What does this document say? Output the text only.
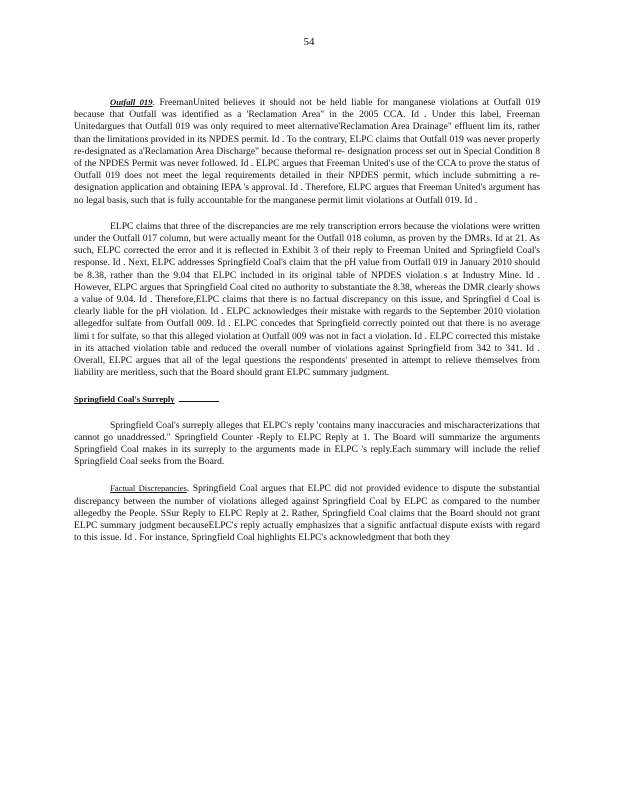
54

Outfall 019. FreemanUnited believes it should not be held liable for manganese violations at Outfall 019 because that Outfall was identified as a 'Reclamation Area" in the 2005 CCA. Id . Under this label, Freeman Unitedargues that Outfall 019 was only required to meet alternative'Reclamation Area Drainage" effluent lim its, rather than the limitations provided in its NPDES permit. Id . To the contrary, ELPC claims that Outfall 019 was never properly re-designated as a'Reclamation Area Discharge" because theformal re- designation process set out in Special Condition 8 of the NPDES Permit was never followed. Id . ELPC argues that Freeman United's use of the CCA to prove the status of Outfall 019 does not meet the legal requirements detailed in their NPDES permit, which include submitting a re-designation application and obtaining IEPA 's approval. Id . Therefore, ELPC argues that Freeman United's argument has no legal basis, such that is fully accountable for the manganese permit limit violations at Outfall 019. Id .

ELPC claims that three of the discrepancies are me rely transcription errors because the violations were written under the Outfall 017 column, but were actually meant for the Outfall 018 column, as proven by the DMRs. Id at 21. As such, ELPC corrected the error and it is reflected in Exhibit 3 of their reply to Freeman United and Springfield Coal's response. Id . Next, ELPC addresses Springfield Coal's claim that the pH value from Outfall 019 in January 2010 should be 8.38, rather than the 9.04 that ELPC included in its original table of NPDES violation s at Industry Mine. Id . However, ELPC argues that Springfield Coal cited no authority to substantiate the 8.38, whereas the DMR clearly shows a value of 9.04. Id . Therefore,ELPC claims that there is no factual discrepancy on this issue, and Springfiel d Coal is clearly liable for the pH violation. Id . ELPC acknowledges their mistake with regards to the September 2010 violation allegedfor sulfate from Outfall 009. Id . ELPC concedes that Springfield correctly pointed out that there is no average limi t for sulfate, so that this alleged violation at Outfall 009 was not in fact a violation. Id . ELPC corrected this mistake in its attached violation table and reduced the overall number of violations against Springfield from 342 to 341. Id . Overall, ELPC argues that all of the legal questions the respondents' presented in attempt to relieve themselves from liability are meritless, such that the Board should grant ELPC summary judgment.

Springfield Coal's Surreply

Springfield Coal's surreply alleges that ELPC's reply 'contains many inaccuracies and mischaracterizations that cannot go unaddressed." Springfield Counter -Reply to ELPC Reply at 1. The Board will summarize the arguments Springfield Coal makes in its surreply to the arguments made in ELPC 's reply.Each summary will include the relief Springfield Coal seeks from the Board.

Factual Discrepancies. Springfield Coal argues that ELPC did not provided evidence to dispute the substantial discrepancy between the number of violations alleged against Springfield Coal by ELPC as compared to the number allegedby the People. SSur Reply to ELPC Reply at 2. Rather, Springfield Coal claims that the Board should not grant ELPC summary judgment becauseELPC's reply actually emphasizes that a signific antfactual dispute exists with regard to this issue. Id . For instance, Springfield Coal highlights ELPC's acknowledgment that both they
